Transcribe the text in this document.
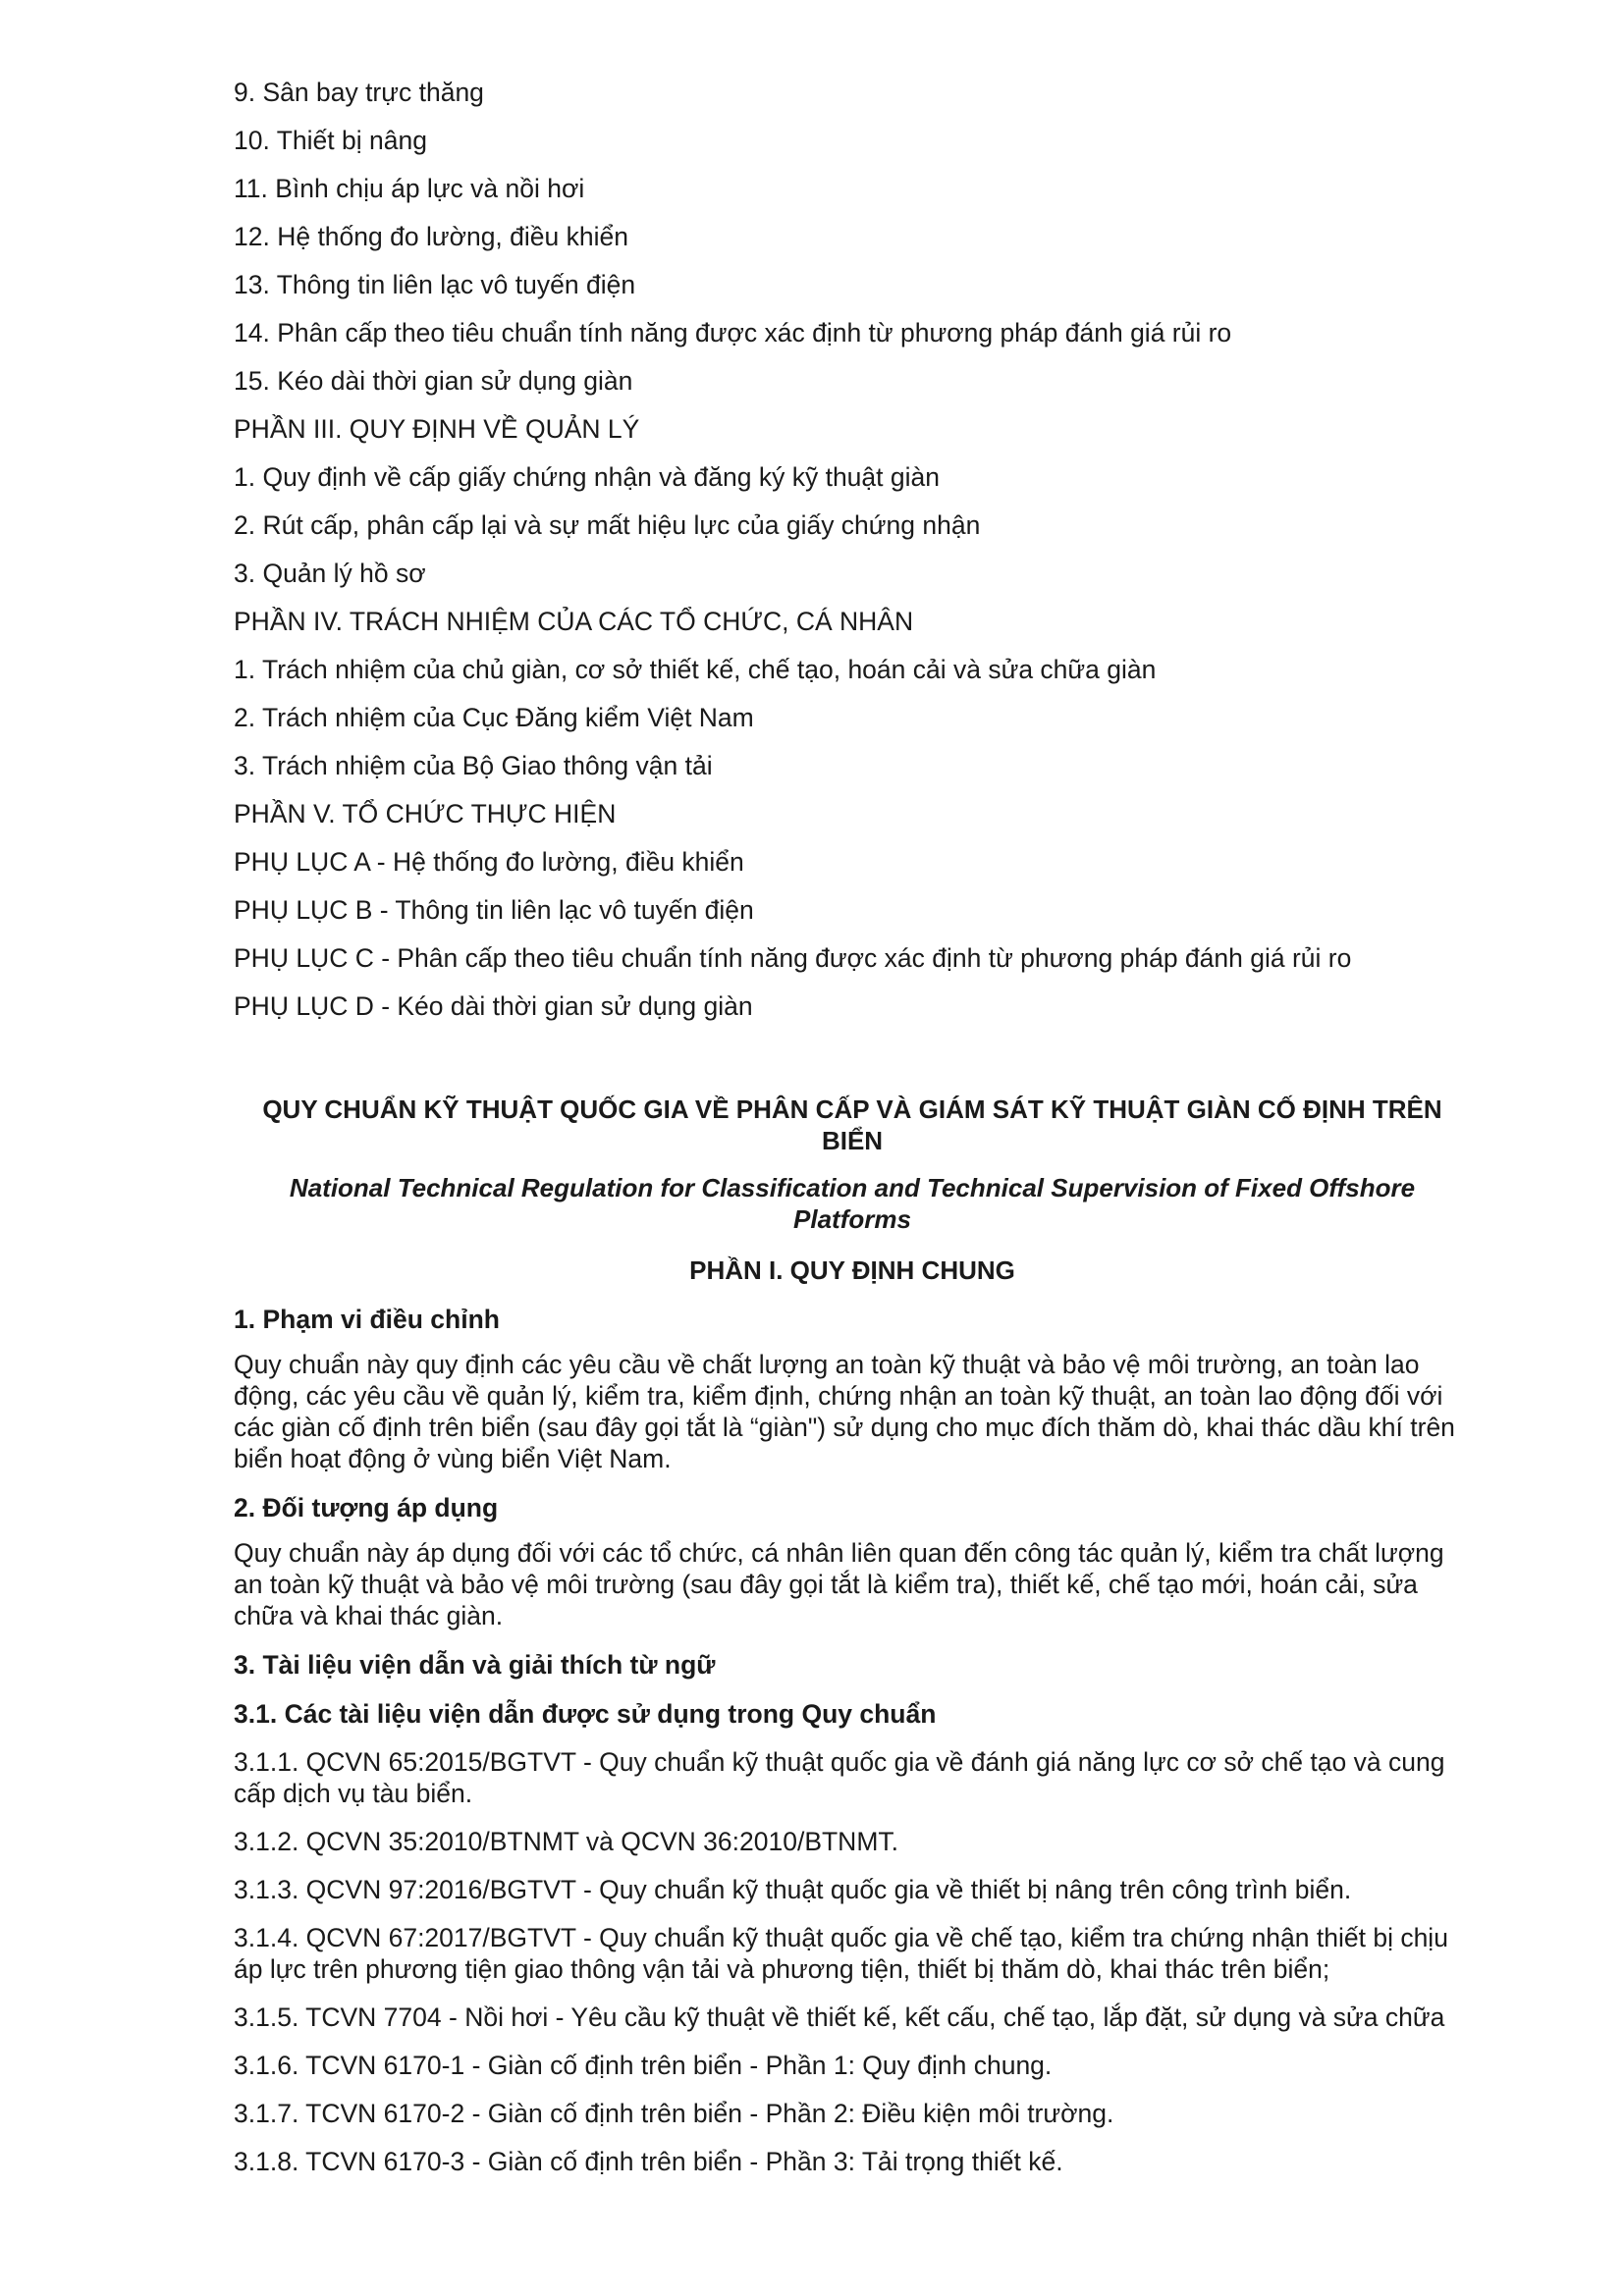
9. Sân bay trực thăng
10. Thiết bị nâng
11. Bình chịu áp lực và nồi hơi
12. Hệ thống đo lường, điều khiển
13. Thông tin liên lạc vô tuyến điện
14. Phân cấp theo tiêu chuẩn tính năng được xác định từ phương pháp đánh giá rủi ro
15. Kéo dài thời gian sử dụng giàn
PHẦN III. QUY ĐỊNH VỀ QUẢN LÝ
1. Quy định về cấp giấy chứng nhận và đăng ký kỹ thuật giàn
2. Rút cấp, phân cấp lại và sự mất hiệu lực của giấy chứng nhận
3. Quản lý hồ sơ
PHẦN IV. TRÁCH NHIỆM CỦA CÁC TỔ CHỨC, CÁ NHÂN
1. Trách nhiệm của chủ giàn, cơ sở thiết kế, chế tạo, hoán cải và sửa chữa giàn
2. Trách nhiệm của Cục Đăng kiểm Việt Nam
3. Trách nhiệm của Bộ Giao thông vận tải
PHẦN V. TỔ CHỨC THỰC HIỆN
PHỤ LỤC A - Hệ thống đo lường, điều khiển
PHỤ LỤC B - Thông tin liên lạc vô tuyến điện
PHỤ LỤC C - Phân cấp theo tiêu chuẩn tính năng được xác định từ phương pháp đánh giá rủi ro
PHỤ LỤC D - Kéo dài thời gian sử dụng giàn
QUY CHUẨN KỸ THUẬT QUỐC GIA VỀ PHÂN CẤP VÀ GIÁM SÁT KỸ THUẬT GIÀN CỐ ĐỊNH TRÊN BIỂN

National Technical Regulation for Classification and Technical Supervision of Fixed Offshore Platforms

PHẦN I. QUY ĐỊNH CHUNG
1. Phạm vi điều chỉnh

Quy chuẩn này quy định các yêu cầu về chất lượng an toàn kỹ thuật và bảo vệ môi trường, an toàn lao động, các yêu cầu về quản lý, kiểm tra, kiểm định, chứng nhận an toàn kỹ thuật, an toàn lao động đối với các giàn cố định trên biển (sau đây gọi tắt là “giàn") sử dụng cho mục đích thăm dò, khai thác dầu khí trên biển hoạt động ở vùng biển Việt Nam.

2. Đối tượng áp dụng

Quy chuẩn này áp dụng đối với các tổ chức, cá nhân liên quan đến công tác quản lý, kiểm tra chất lượng an toàn kỹ thuật và bảo vệ môi trường (sau đây gọi tắt là kiểm tra), thiết kế, chế tạo mới, hoán cải, sửa chữa và khai thác giàn.

3. Tài liệu viện dẫn và giải thích từ ngữ
3.1. Các tài liệu viện dẫn được sử dụng trong Quy chuẩn

3.1.1. QCVN 65:2015/BGTVT - Quy chuẩn kỹ thuật quốc gia về đánh giá năng lực cơ sở chế tạo và cung cấp dịch vụ tàu biển.

3.1.2. QCVN 35:2010/BTNMT và QCVN 36:2010/BTNMT.

3.1.3. QCVN 97:2016/BGTVT - Quy chuẩn kỹ thuật quốc gia về thiết bị nâng trên công trình biển.

3.1.4. QCVN 67:2017/BGTVT - Quy chuẩn kỹ thuật quốc gia về chế tạo, kiểm tra chứng nhận thiết bị chịu áp lực trên phương tiện giao thông vận tải và phương tiện, thiết bị thăm dò, khai thác trên biển;

3.1.5. TCVN 7704 - Nồi hơi - Yêu cầu kỹ thuật về thiết kế, kết cấu, chế tạo, lắp đặt, sử dụng và sửa chữa

3.1.6. TCVN 6170-1 - Giàn cố định trên biển - Phần 1: Quy định chung.

3.1.7. TCVN 6170-2 - Giàn cố định trên biển - Phần 2: Điều kiện môi trường.

3.1.8. TCVN 6170-3 - Giàn cố định trên biển - Phần 3: Tải trọng thiết kế.
